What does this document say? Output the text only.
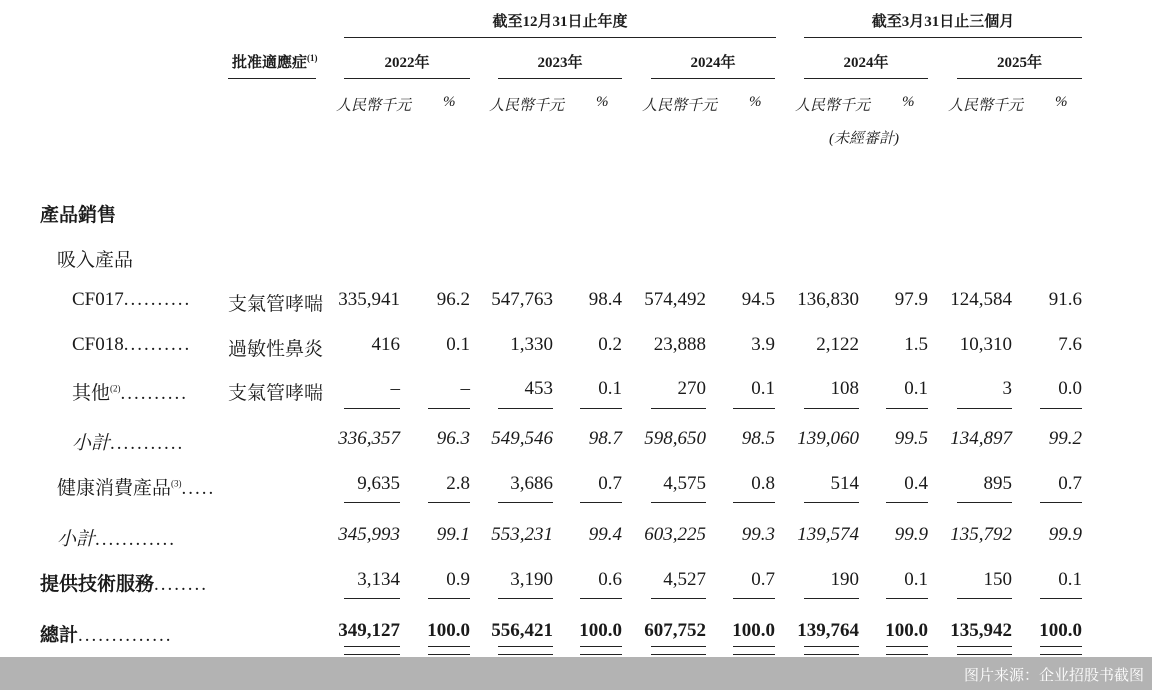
截至12月31日止年度	截至3月31日止三個月
批准適應症$^{(1)}$	2022年	2023年	2024年	2024年	2025年
人民幣千元 % 人民幣千元 % 人民幣千元 % 人民幣千元 % 人民幣千元 %
(未經審計)
產品銷售
吸入產品
CF017.......... 支氣管哮喘 335,941	96.2	547,763	98.4	574,492	94.5	136,830	97.9	124,584	91.6
CF018.......... 過敏性鼻炎	416	0.1	1,330	0.2	23,888	3.9	2,122	1.5	10,310	7.6
其他$^{(2)}$.......... 支氣管哮喘	–	–	453	0.1	270	0.1	108	0.1	3	0.0
小計...........	336,357	96.3	549,546	98.7	598,650	98.5	139,060	99.5	134,897	99.2
健康消費產品$^{(3)}$.....	9,635	2.8	3,686	0.7	4,575	0.8	514	0.4	895	0.7
小計............	345,993	99.1	553,231	99.4	603,225	99.3	139,574	99.9	135,792	99.9
提供技術服務........	3,134	0.9	3,190	0.6	4,527	0.7	190	0.1	150	0.1
總計..............	349,127	100.0	556,421	100.0	607,752	100.0	139,764	100.0	135,942	100.0
图片来源：企业招股书截图
